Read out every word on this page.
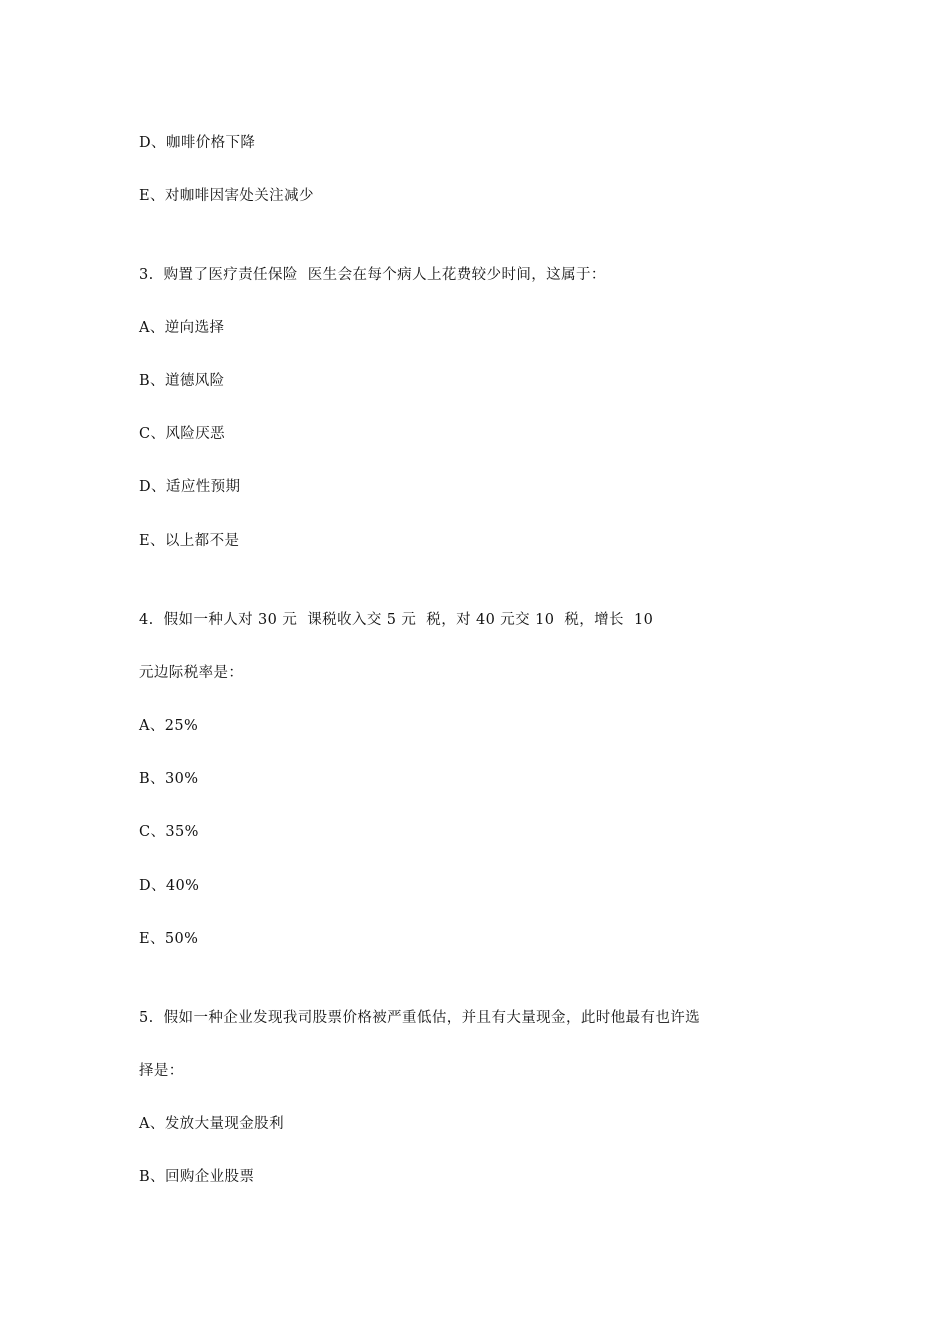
D、咖啡价格下降
E、对咖啡因害处关注减少
3.  购置了医疗责任保险  医生会在每个病人上花费较少时间，这属于：
A、逆向选择
B、道德风险
C、风险厌恶
D、适应性预期
E、以上都不是
4.  假如一种人对 30 元  课税收入交 5 元  税，对 40 元交 10  税，增长  10
元边际税率是：
A、25%
B、30%
C、35%
D、40%
E、50%
5.  假如一种企业发现我司股票价格被严重低估，并且有大量现金，此时他最有也许选
择是：
A、发放大量现金股利
B、回购企业股票
